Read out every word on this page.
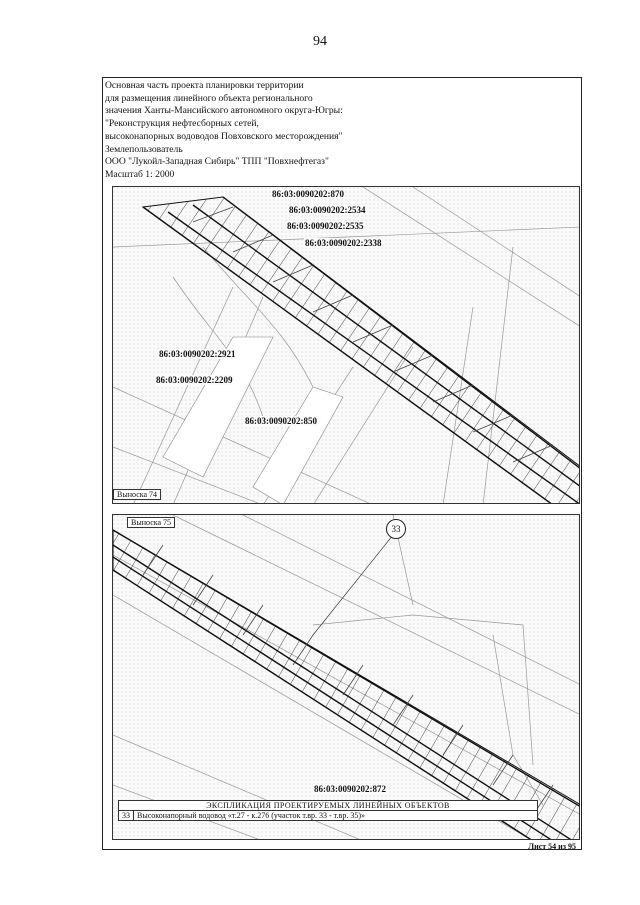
94
Основная часть проекта планировки территории
для размещения линейного объекта регионального
значения Ханты-Мансийского автономного округа-Югры:
"Реконструкция нефтесборных сетей,
высоконапорных водоводов Повховского месторождения"
Землепользователь
ООО "Лукойл-Западная Сибирь" ТПП "Повхнефтегаз"
Масштаб 1: 2000
86:03:0090202:870
86:03:0090202:2534
86:03:0090202:2535
86:03:0090202:2338
86:03:0090202:2921
86:03:0090202:2209
86:03:0090202:850
Выноска 74
Выноска 75
86:03:0090202:872
33
ЭКСПЛИКАЦИЯ ПРОЕКТИРУЕМЫХ ЛИНЕЙНЫХ ОБЪЕКТОВ
33 Высоконапорный водовод «т.27 - к.276 (участок т.вр. 33 - т.вр. 35)»
Лист 54 из 95
